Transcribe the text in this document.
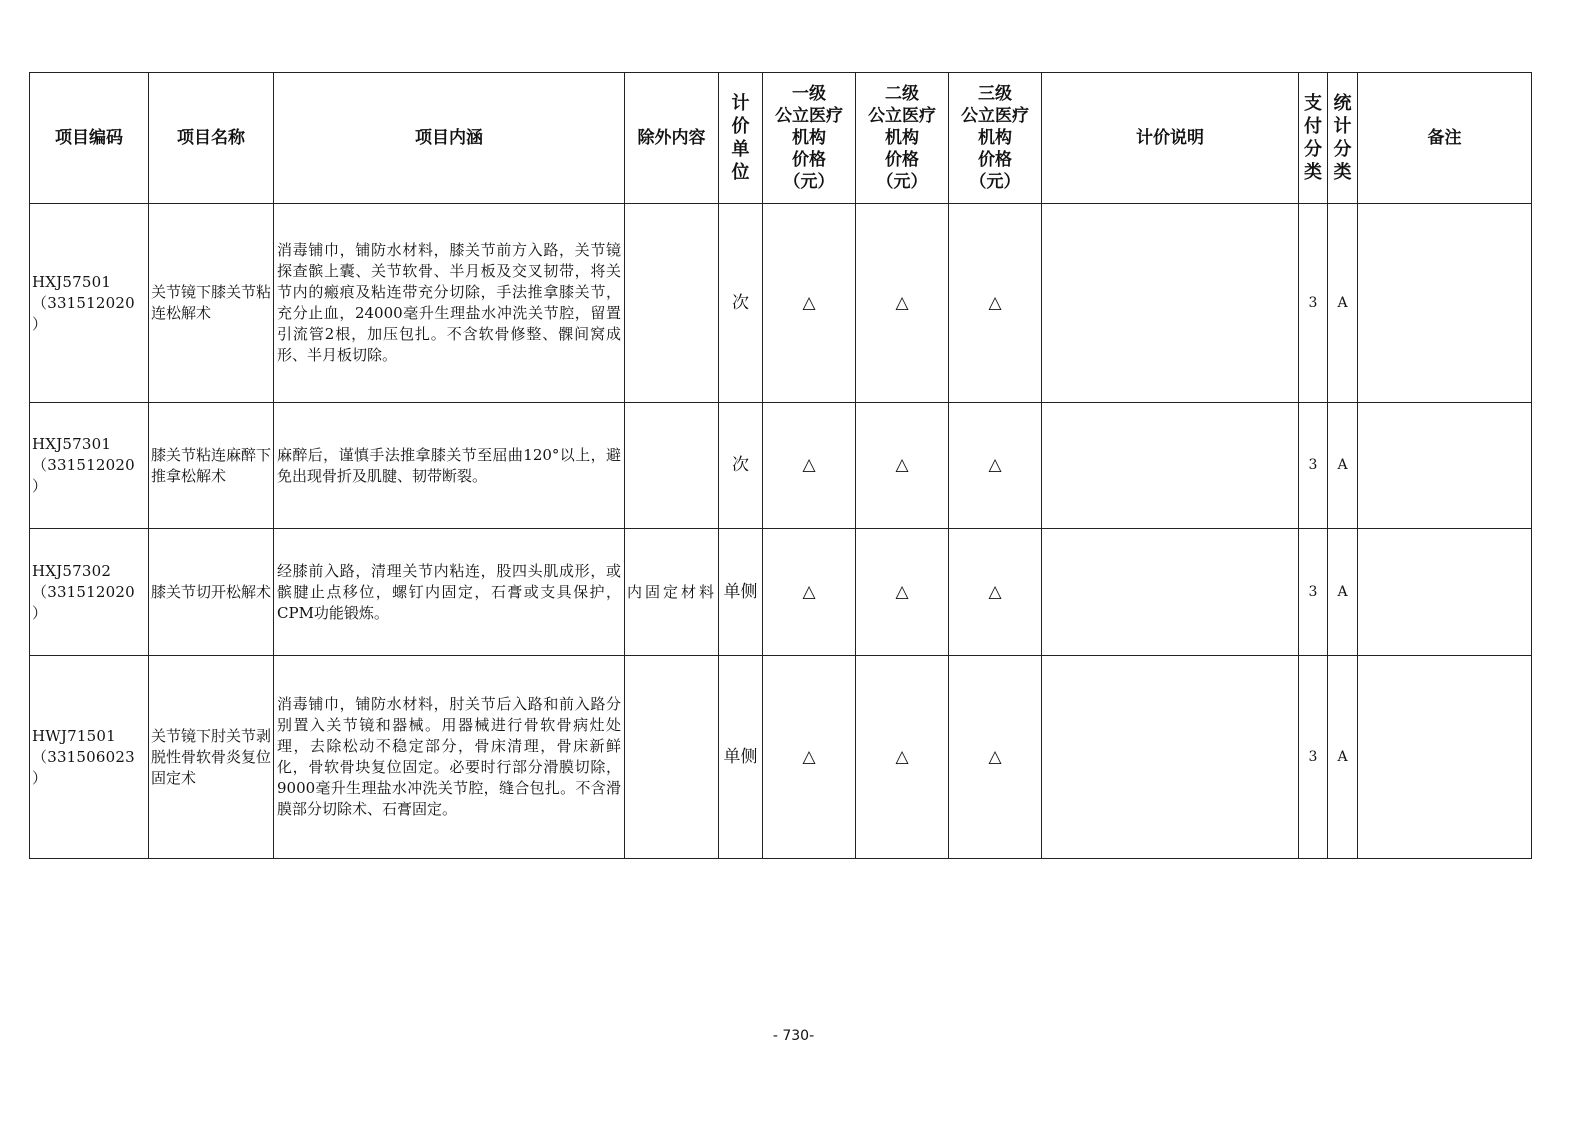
项目编码	项目名称	项目内涵	除外内容	计
价
单
位	一级
公立医疗
机构
价格
（元）	二级
公立医疗
机构
价格
（元）	三级
公立医疗
机构
价格
（元）	计价说明	支
付
分
类	统
计
分
类	备注
HXJ57501
（331512020
）	关节镜下膝关节粘连松解术	消毒铺巾，铺防水材料，膝关节前方入路，关节镜探查髌上囊、关节软骨、半月板及交叉韧带，将关节内的瘢痕及粘连带充分切除，手法推拿膝关节，充分止血，24000毫升生理盐水冲洗关节腔，留置引流管2根，加压包扎。不含软骨修整、髁间窝成形、半月板切除。		次	△	△	△		3	A	
HXJ57301
（331512020
）	膝关节粘连麻醉下推拿松解术	麻醉后，谨慎手法推拿膝关节至屈曲120°以上，避免出现骨折及肌腱、韧带断裂。		次	△	△	△		3	A	
HXJ57302
（331512020
）	膝关节切开松解术	经膝前入路，清理关节内粘连，股四头肌成形，或髌腱止点移位，螺钉内固定，石膏或支具保护，CPM功能锻炼。	内固定材料	单侧	△	△	△		3	A	
HWJ71501
（331506023
）	关节镜下肘关节剥脱性骨软骨炎复位固定术	消毒铺巾，铺防水材料，肘关节后入路和前入路分别置入关节镜和器械。用器械进行骨软骨病灶处理，去除松动不稳定部分，骨床清理，骨床新鲜化，骨软骨块复位固定。必要时行部分滑膜切除，9000毫升生理盐水冲洗关节腔，缝合包扎。不含滑膜部分切除术、石膏固定。		单侧	△	△	△		3	A	
- 730-
